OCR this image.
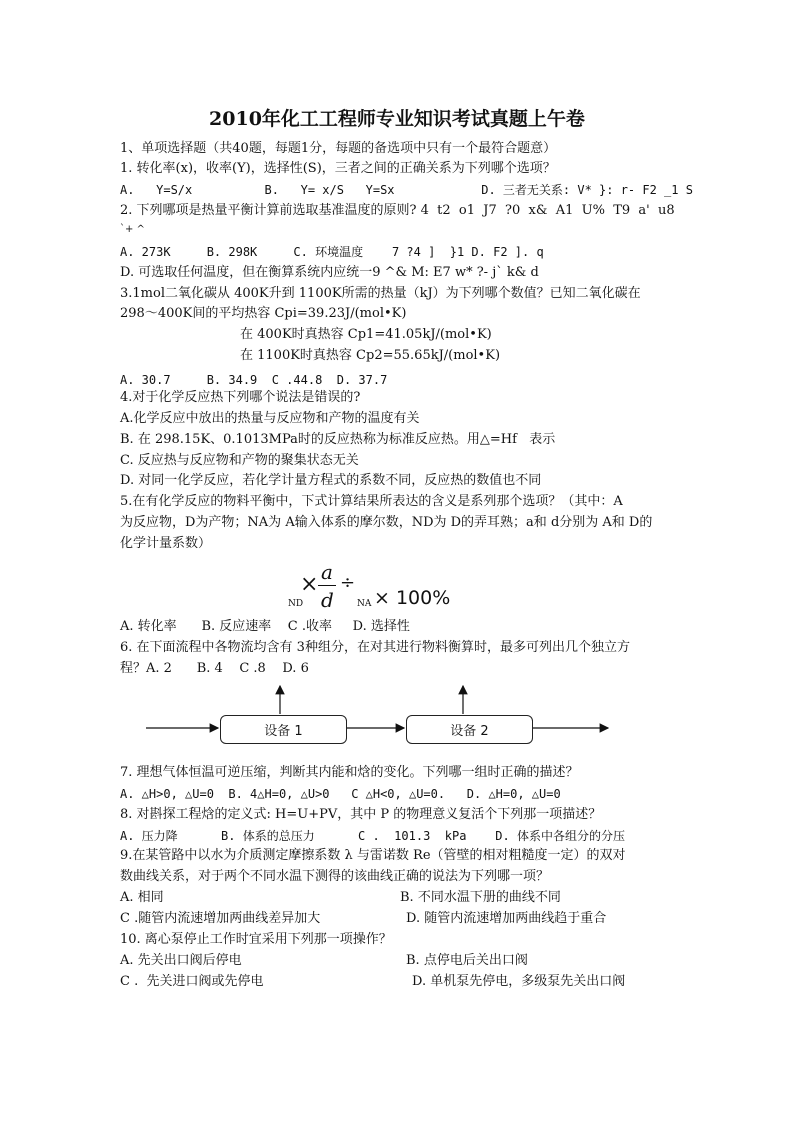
2010年化工工程师专业知识考试真题上午卷
1、单项选择题（共40题，每题1分，每题的备选项中只有一个最符合题意）
1. 转化率(x)，收率(Y)，选择性(S)，三者之间的正确关系为下列哪个选项？
A.   Y=S/x          B.   Y= x/S   Y=Sx            D. 三者无关系: V* }: r- F2 _1 S
2. 下列哪项是热量平衡计算前选取基准温度的原则? 4  t2  o1  J7  ?0  x&  A1  U%  T9  a'  u8
`+ ^
A. 273K     B. 298K     C. 环境温度    7 ?4 ]  }1 D. F2 ]. q
D. 可选取任何温度，但在衡算系统内应统一9 ^& M: E7 w* ?- j` k& d
3.1mol二氧化碳从 400K升到 1100K所需的热量（kJ）为下列哪个数值？已知二氧化碳在
298～400K间的平均热容 Cpi=39.23J/(mol•K)
在 400K时真热容 Cp1=41.05kJ/(mol•K)
在 1100K时真热容 Cp2=55.65kJ/(mol•K)
A. 30.7     B. 34.9  C .44.8  D. 37.7
4.对于化学反应热下列哪个说法是错误的?
A.化学反应中放出的热量与反应物和产物的温度有关
B. 在 298.15K、0.1013MPa时的反应热称为标准反应热。用△=Hf   表示
C. 反应热与反应物和产物的聚集状态无关
D. 对同一化学反应，若化学计量方程式的系数不同，反应热的数值也不同
5.在有化学反应的物料平衡中，下式计算结果所表达的含义是系列那个选项？（其中：A
为反应物，D为产物；NA为 A输入体系的摩尔数，ND为 D的弄耳熟；a和 d分别为 A和 D的
化学计量系数）
× a
d
÷
ND	NA × 100%
A. 转化率      B. 反应速率    C .收率     D. 选择性
6. 在下面流程中各物流均含有 3种组分，在对其进行物料衡算时，最多可列出几个独立方
程？A. 2      B. 4    C .8    D. 6
设备 1	设备 2
7. 理想气体恒温可逆压缩，判断其内能和焓的变化。下列哪一组时正确的描述？
A. △H>0, △U=0  B. 4△H=0, △U>0   C △H<0, △U=0.   D. △H=0, △U=0
8. 对斟探工程焓的定义式: H=U+PV，其中 P 的物理意义复活个下列那一项描述？
A. 压力降      B. 体系的总压力      C .  101.3  kPa    D. 体系中各组分的分压
9.在某管路中以水为介质测定摩擦系数 λ 与雷诺数 Re（管壁的相对粗糙度一定）的双对
数曲线关系，对于两个不同水温下测得的该曲线正确的说法为下列哪一项？
A. 相同	B. 不同水温下册的曲线不同
C .随管内流速增加两曲线差异加大	D. 随管内流速增加两曲线趋于重合
10. 离心泵停止工作时宜采用下列那一项操作？
A. 先关出口阀后停电	B. 点停电后关出口阀
C .  先关进口阀或先停电	D. 单机泵先停电，多级泵先关出口阀
